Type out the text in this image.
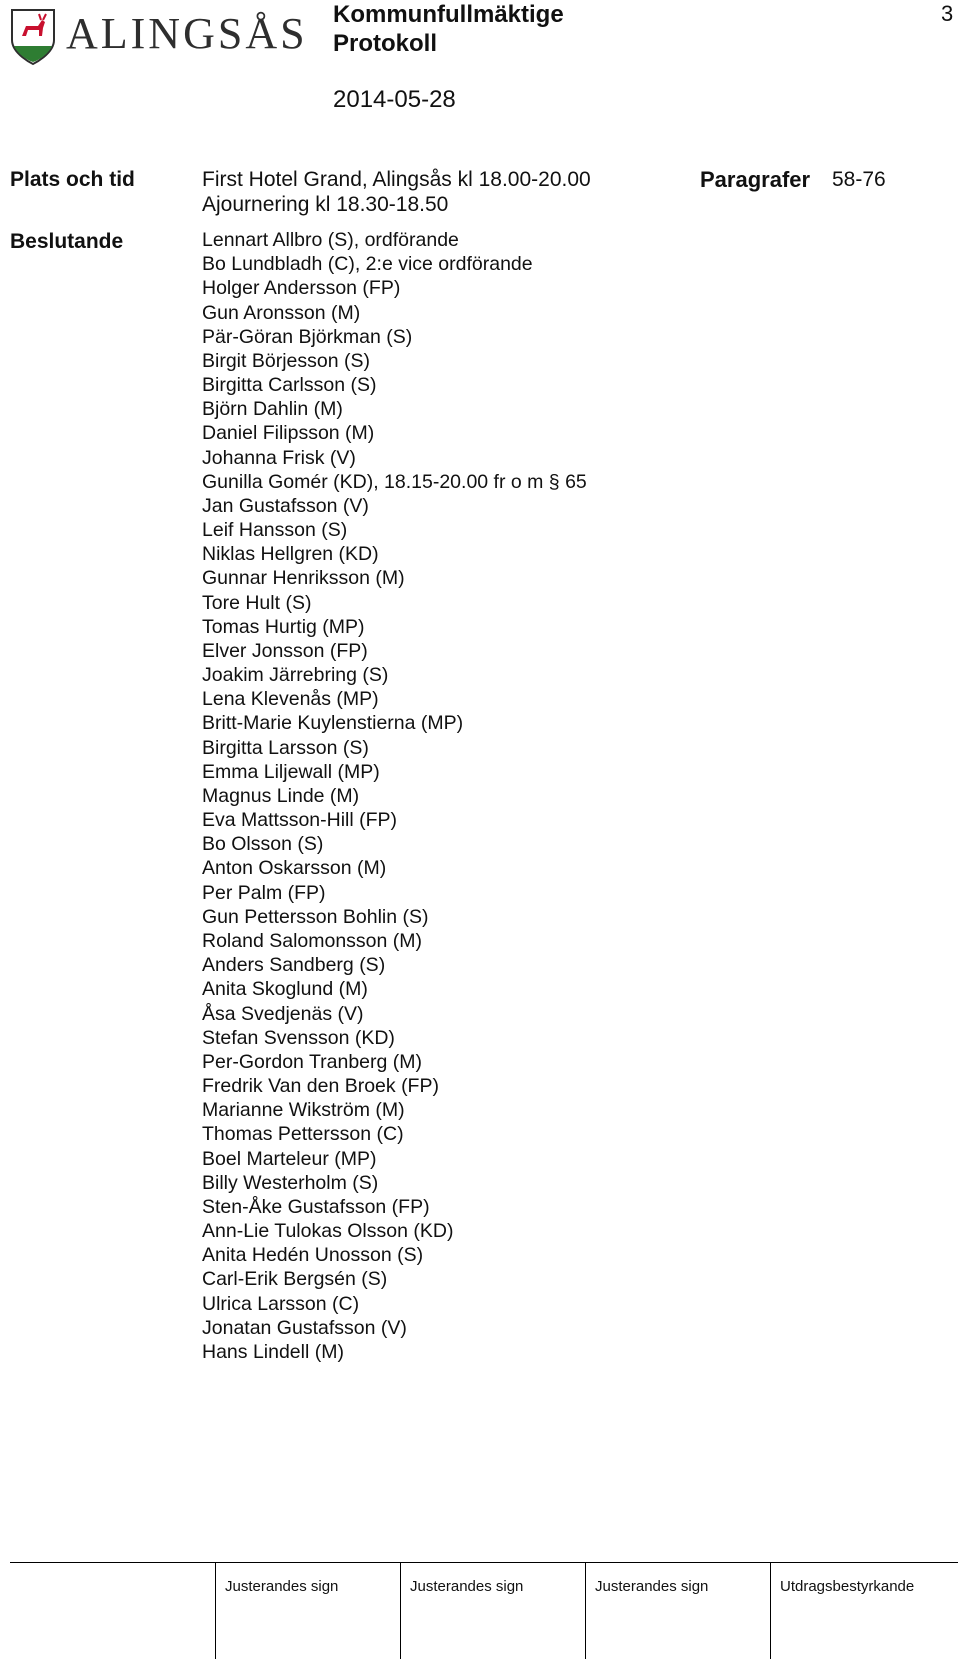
ALINGSÅS Kommunfullmäktige
Protokoll
2014-05-28
3
Plats och tid	First Hotel Grand, Alingsås kl 18.00-20.00
Ajournering kl 18.30-18.50
Paragrafer 58-76
Beslutande	Lennart Allbro (S), ordförande
Bo Lundbladh (C), 2:e vice ordförande
Holger Andersson (FP)
Gun Aronsson (M)
Pär-Göran Björkman (S)
Birgit Börjesson (S)
Birgitta Carlsson (S)
Björn Dahlin (M)
Daniel Filipsson (M)
Johanna Frisk (V)
Gunilla Gomér (KD), 18.15-20.00 fr o m § 65
Jan Gustafsson (V)
Leif Hansson (S)
Niklas Hellgren (KD)
Gunnar Henriksson (M)
Tore Hult (S)
Tomas Hurtig (MP)
Elver Jonsson (FP)
Joakim Järrebring (S)
Lena Klevenås (MP)
Britt-Marie Kuylenstierna (MP)
Birgitta Larsson (S)
Emma Liljewall (MP)
Magnus Linde (M)
Eva Mattsson-Hill (FP)
Bo Olsson (S)
Anton Oskarsson (M)
Per Palm (FP)
Gun Pettersson Bohlin (S)
Roland Salomonsson (M)
Anders Sandberg (S)
Anita Skoglund (M)
Åsa Svedjenäs (V)
Stefan Svensson (KD)
Per-Gordon Tranberg (M)
Fredrik Van den Broek (FP)
Marianne Wikström (M)
Thomas Pettersson (C)
Boel Marteleur (MP)
Billy Westerholm (S)
Sten-Åke Gustafsson (FP)
Ann-Lie Tulokas Olsson (KD)
Anita Hedén Unosson (S)
Carl-Erik Bergsén (S)
Ulrica Larsson (C)
Jonatan Gustafsson (V)
Hans Lindell (M)
Justerandes sign	Justerandes sign	Justerandes sign	Utdragsbestyrkande
